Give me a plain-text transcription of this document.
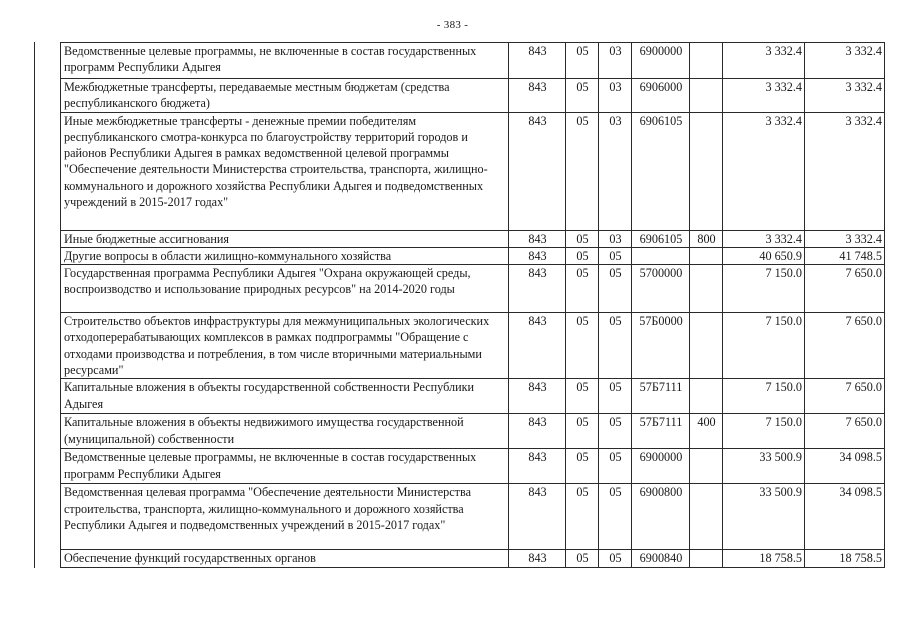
- 383 -
Ведомственные целевые программы, не включенные в состав государственных программ Республики Адыгея	843	05	03	6900000		3 332.4	3 332.4
Межбюджетные трансферты, передаваемые местным бюджетам (средства республиканского бюджета)	843	05	03	6906000		3 332.4	3 332.4
Иные межбюджетные трансферты - денежные премии победителям республиканского смотра-конкурса по благоустройству территорий городов и районов Республики Адыгея в рамках ведомственной целевой программы "Обеспечение деятельности Министерства строительства, транспорта, жилищно-коммунального и дорожного хозяйства Республики Адыгея и подведомственных учреждений в 2015-2017 годах"	843	05	03	6906105		3 332.4	3 332.4
Иные бюджетные ассигнования	843	05	03	6906105	800	3 332.4	3 332.4
Другие вопросы в области жилищно-коммунального хозяйства	843	05	05			40 650.9	41 748.5
Государственная программа Республики Адыгея "Охрана окружающей среды, воспроизводство и использование природных ресурсов" на 2014-2020 годы	843	05	05	5700000		7 150.0	7 650.0
Строительство объектов инфраструктуры для межмуниципальных экологических отходоперерабатывающих комплексов в рамках подпрограммы "Обращение с отходами производства и потребления, в том числе вторичными материальными ресурсами"	843	05	05	57Б0000		7 150.0	7 650.0
Капитальные вложения в объекты государственной собственности Республики Адыгея	843	05	05	57Б7111		7 150.0	7 650.0
Капитальные вложения в объекты недвижимого имущества государственной (муниципальной) собственности	843	05	05	57Б7111	400	7 150.0	7 650.0
Ведомственные целевые программы, не включенные в состав государственных программ Республики Адыгея	843	05	05	6900000		33 500.9	34 098.5
Ведомственная целевая программа "Обеспечение деятельности Министерства строительства, транспорта, жилищно-коммунального и дорожного хозяйства Республики Адыгея и подведомственных учреждений в 2015-2017 годах"	843	05	05	6900800		33 500.9	34 098.5
Обеспечение функций государственных органов	843	05	05	6900840		18 758.5	18 758.5
